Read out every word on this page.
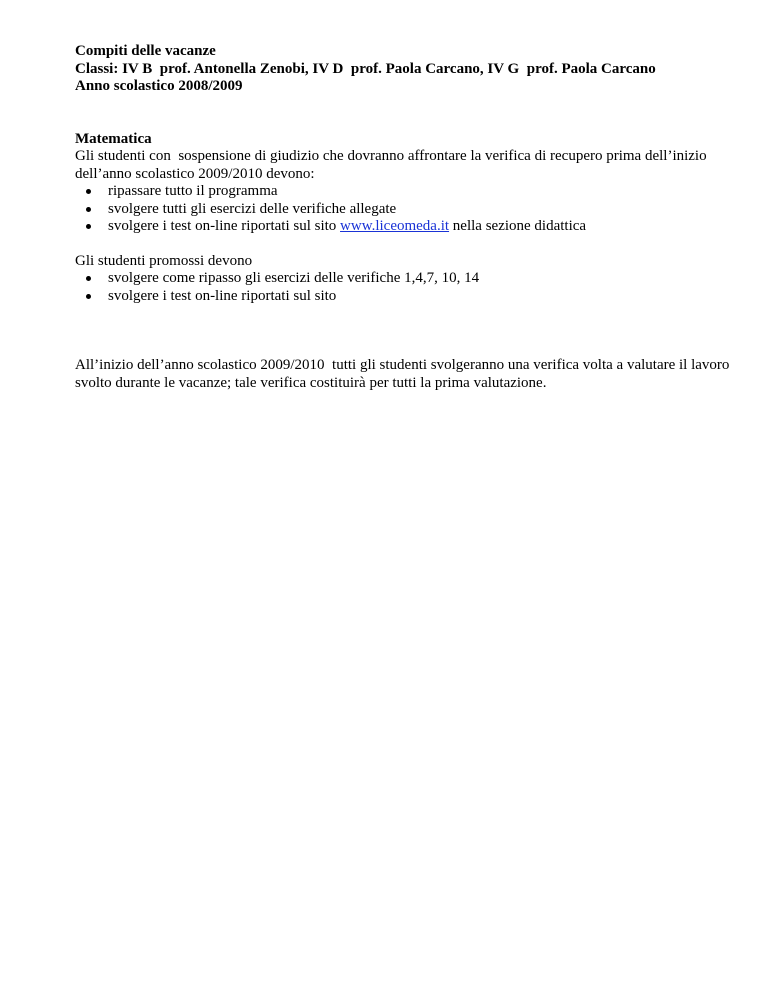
Compiti delle vacanze
Classi: IV B  prof. Antonella Zenobi, IV D  prof. Paola Carcano, IV G  prof. Paola Carcano
Anno scolastico 2008/2009
Matematica
Gli studenti con  sospensione di giudizio che dovranno affrontare la verifica di recupero prima dell’inizio dell’anno scolastico 2009/2010 devono:
ripassare tutto il programma
svolgere tutti gli esercizi delle verifiche allegate
svolgere i test on-line riportati sul sito www.liceomeda.it nella sezione didattica
Gli studenti promossi devono
svolgere come ripasso gli esercizi delle verifiche 1,4,7, 10, 14
svolgere i test on-line riportati sul sito
All’inizio dell’anno scolastico 2009/2010  tutti gli studenti svolgeranno una verifica volta a valutare il lavoro svolto durante le vacanze; tale verifica costituirà per tutti la prima valutazione.
